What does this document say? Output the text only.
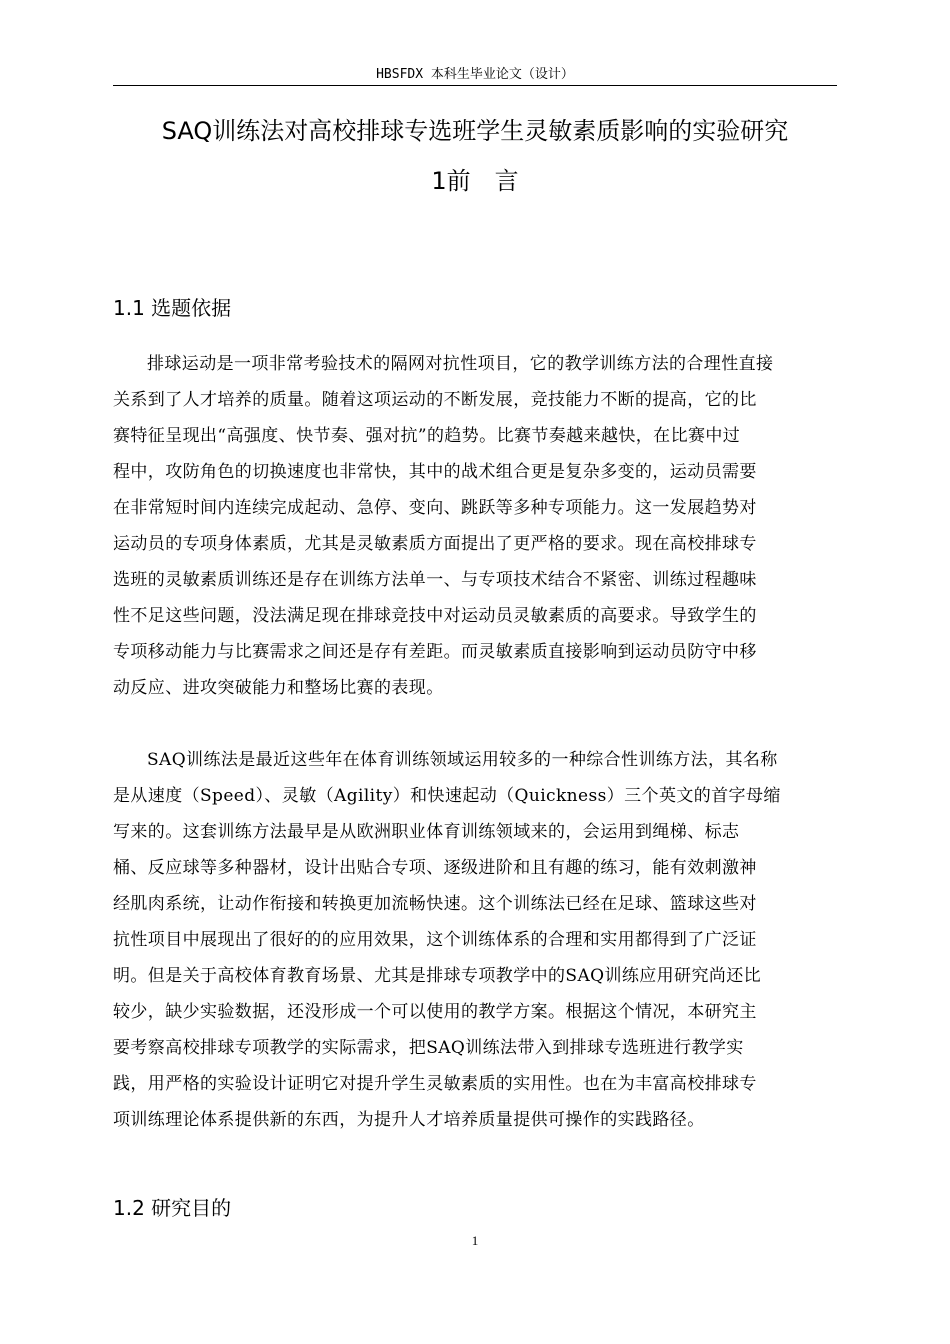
HBSFDX 本科生毕业论文（设计）
SAQ训练法对高校排球专选班学生灵敏素质影响的实验研究
1前　言
1.1 选题依据
排球运动是一项非常考验技术的隔网对抗性项目，它的教学训练方法的合理性直接
关系到了人才培养的质量。随着这项运动的不断发展，竞技能力不断的提高，它的比
赛特征呈现出“高强度、快节奏、强对抗”的趋势。比赛节奏越来越快，在比赛中过
程中，攻防角色的切换速度也非常快，其中的战术组合更是复杂多变的，运动员需要
在非常短时间内连续完成起动、急停、变向、跳跃等多种专项能力。这一发展趋势对
运动员的专项身体素质，尤其是灵敏素质方面提出了更严格的要求。现在高校排球专
选班的灵敏素质训练还是存在训练方法单一、与专项技术结合不紧密、训练过程趣味
性不足这些问题，没法满足现在排球竞技中对运动员灵敏素质的高要求。导致学生的
专项移动能力与比赛需求之间还是存有差距。而灵敏素质直接影响到运动员防守中移
动反应、进攻突破能力和整场比赛的表现。
SAQ训练法是最近这些年在体育训练领域运用较多的一种综合性训练方法，其名称
是从速度（Speed）、灵敏（Agility）和快速起动（Quickness）三个英文的首字母缩
写来的。这套训练方法最早是从欧洲职业体育训练领域来的，会运用到绳梯、标志
桶、反应球等多种器材，设计出贴合专项、逐级进阶和且有趣的练习，能有效刺激神
经肌肉系统，让动作衔接和转换更加流畅快速。这个训练法已经在足球、篮球这些对
抗性项目中展现出了很好的的应用效果，这个训练体系的合理和实用都得到了广泛证
明。但是关于高校体育教育场景、尤其是排球专项教学中的SAQ训练应用研究尚还比
较少，缺少实验数据，还没形成一个可以使用的教学方案。根据这个情况，本研究主
要考察高校排球专项教学的实际需求，把SAQ训练法带入到排球专选班进行教学实
践，用严格的实验设计证明它对提升学生灵敏素质的实用性。也在为丰富高校排球专
项训练理论体系提供新的东西，为提升人才培养质量提供可操作的实践路径。
1.2 研究目的
1
